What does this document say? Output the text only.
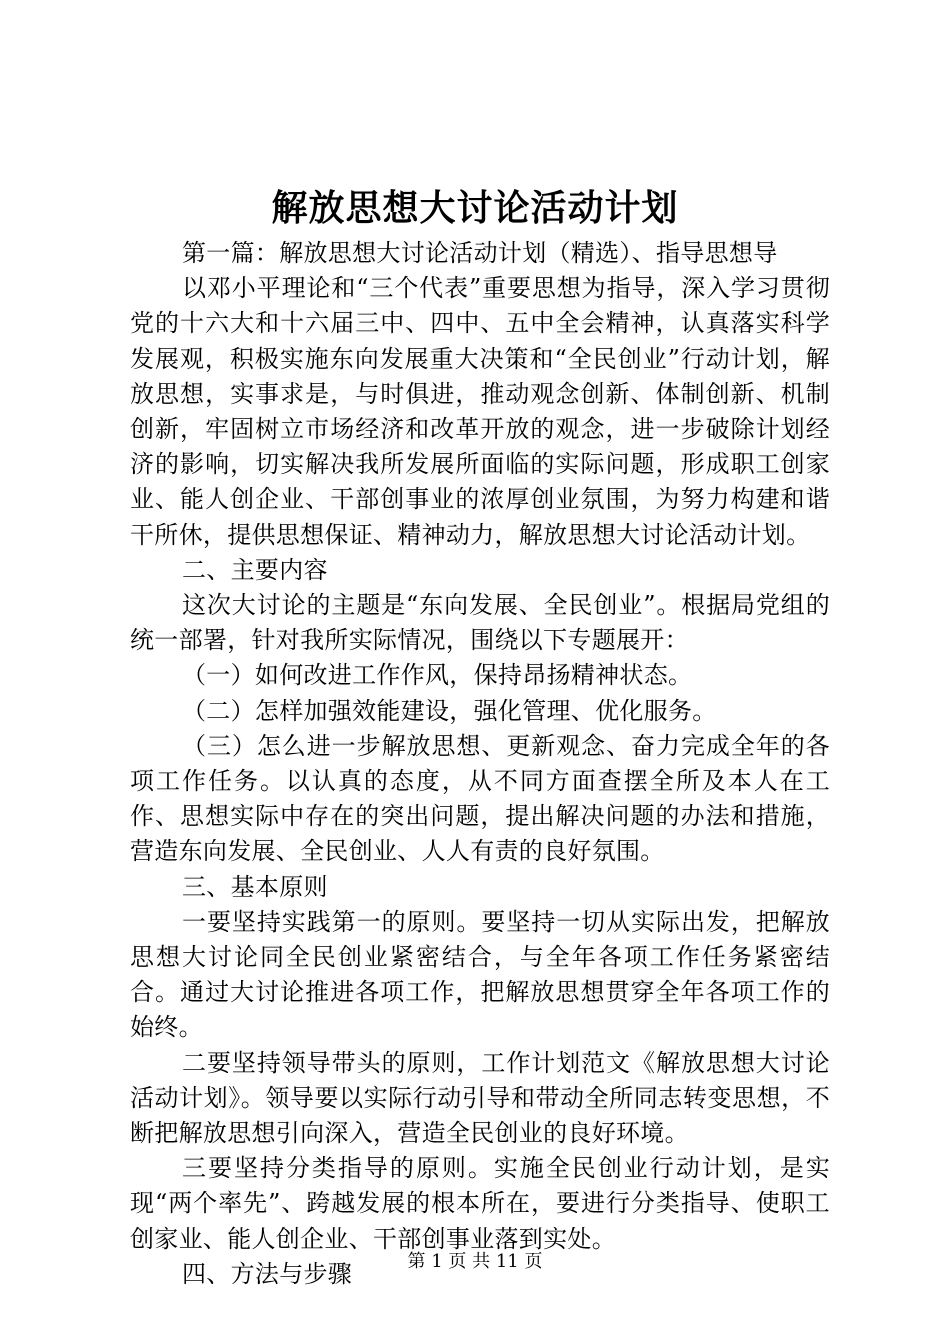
解放思想大讨论活动计划

第一篇：解放思想大讨论活动计划（精选）、指导思想导

以邓小平理论和“三个代表”重要思想为指导，深入学习贯彻党的十六大和十六届三中、四中、五中全会精神，认真落实科学发展观，积极实施东向发展重大决策和“全民创业”行动计划，解放思想，实事求是，与时俱进，推动观念创新、体制创新、机制创新，牢固树立市场经济和改革开放的观念，进一步破除计划经济的影响，切实解决我所发展所面临的实际问题，形成职工创家业、能人创企业、干部创事业的浓厚创业氛围，为努力构建和谐干所休，提供思想保证、精神动力，解放思想大讨论活动计划。

二、主要内容

这次大讨论的主题是“东向发展、全民创业”。根据局党组的统一部署，针对我所实际情况，围绕以下专题展开：

（一）如何改进工作作风，保持昂扬精神状态。

（二）怎样加强效能建设，强化管理、优化服务。

（三）怎么进一步解放思想、更新观念、奋力完成全年的各项工作任务。以认真的态度，从不同方面查摆全所及本人在工作、思想实际中存在的突出问题，提出解决问题的办法和措施，营造东向发展、全民创业、人人有责的良好氛围。

三、基本原则

一要坚持实践第一的原则。要坚持一切从实际出发，把解放思想大讨论同全民创业紧密结合，与全年各项工作任务紧密结合。通过大讨论推进各项工作，把解放思想贯穿全年各项工作的始终。

二要坚持领导带头的原则，工作计划范文《解放思想大讨论活动计划》。领导要以实际行动引导和带动全所同志转变思想，不断把解放思想引向深入，营造全民创业的良好环境。

三要坚持分类指导的原则。实施全民创业行动计划，是实现“两个率先”、跨越发展的根本所在，要进行分类指导、使职工创家业、能人创企业、干部创事业落到实处。

四、方法与步骤	第 1 页 共 11 页
